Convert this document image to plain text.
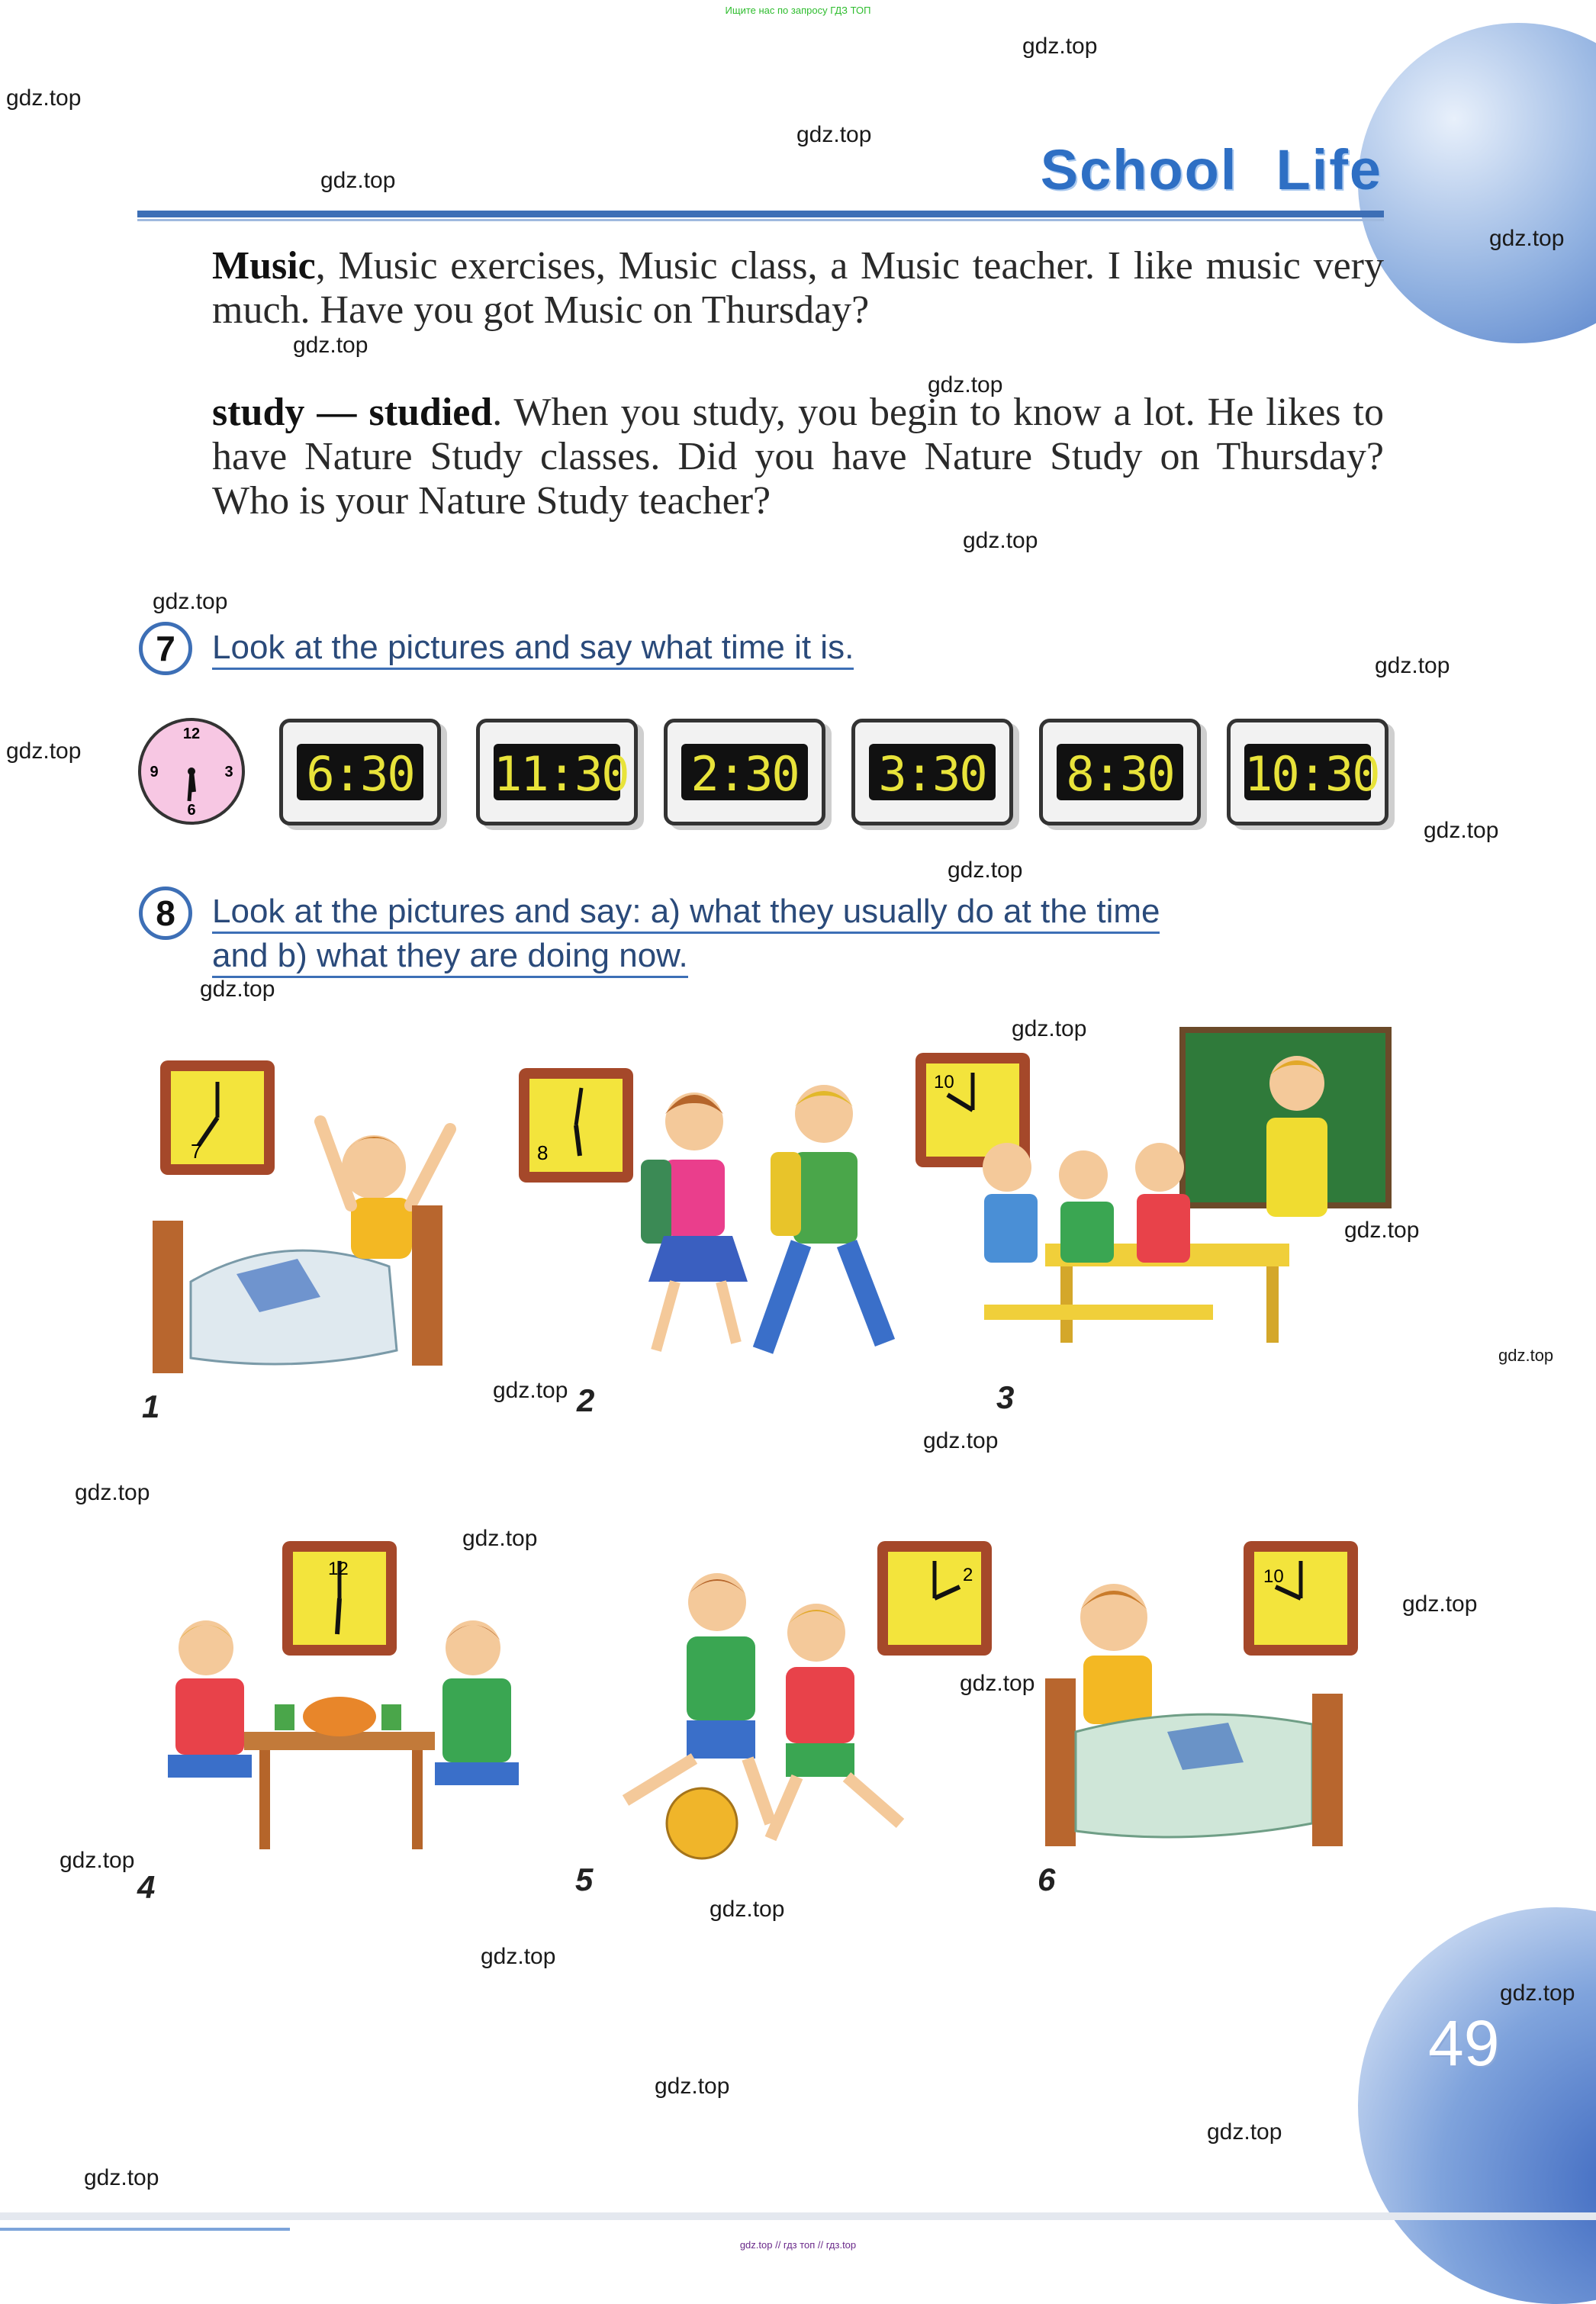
Ищите нас по запросу ГДЗ ТОП
School Life
Music, Music exercises, Music class, a Music teacher. I like music very much. Have you got Music on Thursday?
study — studied. When you study, you begin to know a lot. He likes to have Nature Study classes. Did you have Nature Study on Thursday? Who is your Nature Study teacher?
7	Look at the pictures and say what time it is.
12
3
6
9	6:30 11:30 2:30 3:30 8:30 10:30
8	Look at the pictures and say: a) what they usually do at the time
and b) what they are doing now.
7
1
8
2
10
3
12
4
2
5
10
6
49
gdz.top // гдз топ // гдз.top
gdz.top
gdz.top
gdz.top
gdz.top
gdz.top
gdz.top
gdz.top
gdz.top
gdz.top
gdz.top
gdz.top
gdz.top
gdz.top
gdz.top
gdz.top
gdz.top
gdz.top
gdz.top
gdz.top
gdz.top
gdz.top
gdz.top
gdz.top
gdz.top
gdz.top
gdz.top
gdz.top
gdz.top
gdz.top
gdz.top
